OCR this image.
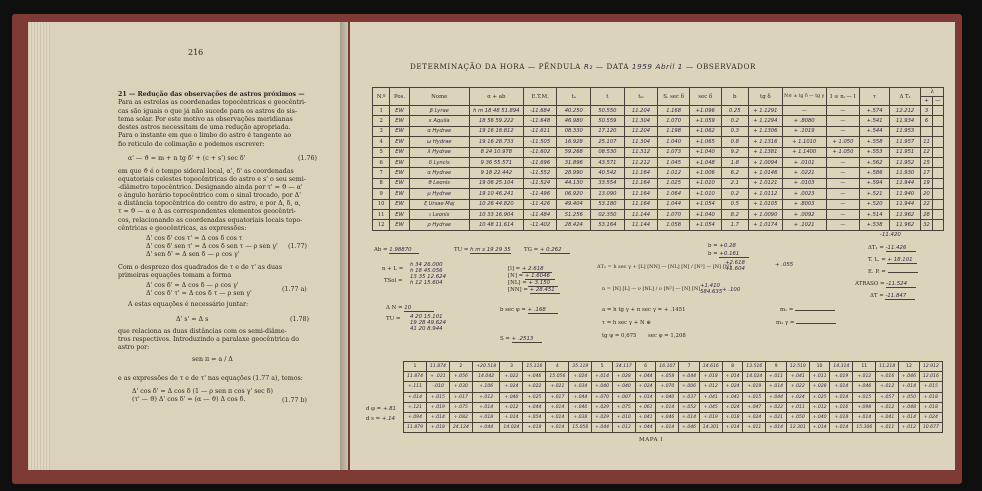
216
21 — Redução das observações de astros próximos —
Para as estrelas as coordenadas topocêntricas e geocêntri-
cas são iguais o que já não sucede para os astros do sis-
tema solar. Por este motivo as observações meridianas
destes astros necessitam de uma redução apropriada.
Para o instante em que o limbo do astro é tangente ao
fio reticulo de colimação e podemos escrever:
α' — ϑ = m + n tg δ' + (c + s') sec δ'	(1.76)
em que ϑ é o tempo sideral local, α', δ' as coordenadas
equatoriais celestes topocêntricas do astro e s' o seu semi-
-diâmetro topocêntrico. Designando ainda por τ' = ϑ — α'
o ângulo horário topocêntrico com o sinal trocado, por Δ'
a distância topocêntrica do centro do astro, e por Δ, δ, α,
τ = ϑ — α e Δ as correspondentes elementos geocêntri-
cos, relacionando as coordenadas equatoriais locais topo-
cêntricas e geocêntricas, as expressões:
Δ' cos δ' cos τ' = Δ cos δ cos τ
Δ' cos δ' sen τ' = Δ cos δ sen τ — ρ sen γ'
Δ' sen δ' = Δ sen δ — ρ cos γ'
(1.77)
Com o desprezo dos quadrados de τ e de τ' as duas
primeiras equações tomam a forma
Δ' cos δ' = Δ cos δ — ρ cos γ'
Δ' cos δ' τ' = Δ cos δ τ — ρ sen γ'
(1.77 a)
A estas equações é necessário juntar:
Δ' s' = Δ s	(1.78)
que relaciona as duas distâncias com os semi-diâme-
tros respectivos. Introduzindo a paralaxe geocêntrica do
astro por:
sen π = a / Δ
e as expressões de τ e de τ' nas equações (1.77 a), temos:
Δ' cos δ' = Δ cos δ (1 — ρ sen π cos γ' sec δ)
(τ' — ϑ) Δ' cos δ' = (α — ϑ) Δ cos δ.	(1.77 b)
DETERMINAÇÃO DA HORA — PÊNDULA R₂ — DATA 1959 Abril 1 — OBSERVADOR
N.º	Pos.	Nome	α + ab	E.T.M.	tₐ	t	tₘ	S. sec δ	sec δ	b	tg δ	N≡ ± tg δ — tg γ	I ≡ nᵢ — I	τ	Δ T₁	λ	
																+	—
1	EW	β Lyrae	h m 18 48 51.894	-11.684	40.250	50.550	11.204	1.168	+1.096	0.25	+ 1.1291	—	—	+.574	12.212	3	
2	EW	ε Aquila	18 56 59.222	-11.648	46.980	50.559	11.304	1.070	+1.059	0.2	+ 1.1294	+ .8080	—	+.541	11.934	6	
3	EW	α Hydrae	19 16 18.812	-11.611	08.330	17.120	11.204	1.198	+1.062	0.3	+ 1.1306	+ .1019	—	+.544	11.953		
4	EW	ω Hydrae	19 16 28.733	-11.505	16.928	25.107	11.304	1.040	+1.065	0.8	+ 1.1316	+ 1.1010	+ 1.050	+.558	11.957	11	
5	EW	λ Hydrae	8 24 10.978	-11.602	59.268	08.530	11.312	1.073	+1.040	9.2	+ 1.1381	+ 1.1400	+ 1.050	+.553	11.951	12	
6	EW	δ Lyncis	9 36 55.571	-11.696	31.896	43.571	11.212	1.045	+1.048	1.8	+ 1.0094	+ .0101	—	+.562	11.952	15	
7	EW	α Hydrae	9 18 22.442	-11.552	28.990	40.542	11.164	1.012	+1.006	6.2	+ 1.0146	+ .0221	—	+.586	11.930	17	
8	EW	θ Leonis	19 06 25.104	-11.524	44.130	33.554	11.164	1.025	+1.010	2.1	+ 1.0121	+ .0103	—	+.594	11.944	19	
9	EW	μ Hydrae	19 10 46.241	-11.496	06.920	13.090	11.164	1.064	+1.010	0.2	+ 1.0112	+ .0023	—	+.521	11.940	20	
10	EW	ξ Ursae Maj	10 26 44.820	-11.426	49.404	53.180	11.164	1.044	+1.054	0.5	+ 1.0105	+ .8003	—	+.520	11.944	22	
11	EW	ι Leonis	10 33 16.904	-11.484	51.256	02.350	11.144	1.070	+1.040	8.2	+ 1.0090	+ .0092	—	+.514	11.962	28	
12	EW	ρ Hydrae	10 48 11.614	-11.402	28.424	53.164	11.144	1.058	+1.054	1.7	+ 1.0174	+ .1021	—	+.538	11.962	32	
-11.420
Ab = 1.98870	TU = h m s 19 29 35 TG = + 0.262
b = +0.28
b = +0.161
ΔT₁ = -11.426
T. L. = + 18.101
E. P. =
ATRASO = -11.524
ΔT = -11.847
n + L =
TSol =
h 34 26.000
h 18 45.056
13 35 12.624
h 12 15.604
[l] = + 2.618
[N] = + 1.6046
[NL] = + 3.150
[NN] = + 28.451
Δ N = 10
TU = 4 20 15.101
19 28 49.624
41 20 8.944
b sec φ = + .168
S = + .2513
ΔT₁ = h sec γ + [L] [NN] — [NL] [N] / [N²] — [N] [N]
+2.618
+1.604
+ .055
n = [N] [L] — ν [NL] / ν [N²] — [N] [N] +1.410
584.635 + .100
a = h tg γ + n sec γ = + .1451
τ = h sec γ + N ⊕
tg φ = 0,675 sec φ = 1,208
mₒ =
m₁ γ =
d φ = +.81
d s = +.14
1	11.874	2	+20.518	3	15.116	4	35.119	5	34.117	6	16.107	7	14.616	8	13.516	9	12.519	10	14.314	11	11.218	12	12.912
11.874	+ .021	+.056	14.042	+.022	+.046	15.056	+.024	+.014	+.028	+.044	+.058	+.044	+.018	+.014	14.024	+.011	+.041	+.011	+.019	+.012	+.016	+.046	12.016
+.111	-.010	+.030	+.106	+.024	+.022	+.021	+.034	+.040	+.040	+.024	+.070	+.006	+.012	+.024	+.019	+.014	+.022	+.028	+.014	+.046	+.012	+.014	+.015
+.014	+.015	+.017	+.012	+.040	+.025	+.017	+.044	+.070	+.007	+.014	+.040	+.037	+.041	+.041	+.015	+.044	+.024	+.025	+.014	+.015	+.057	+.050	+.018
+.121	+.019	+.075	+.014	+.012	+.044	+.014	+.040	+.029	+.075	+.061	+.014	+.052	+.045	+.024	+.047	+.022	+.011	+.012	+.016	+.098	+.012	+.048	+.018
+.094	+.014	+.082	+.018	+.014	+.054	+.014	+.038	+.029	+.010	+.041	+.046	+.014	+.019	+.018	+.024	+.021	+.050	+.040	+.018	+.014	+.041	+.014	+.024
11.879	+.018	24.124	+.044	14.024	+.018	+.014	15.056	+.044	+.013	+.044	+.014	+.046	14.301	+.014	+.011	+.014	12.301	+.014	+.014	15.306	+.011	+.012	10.677
MAPA I
